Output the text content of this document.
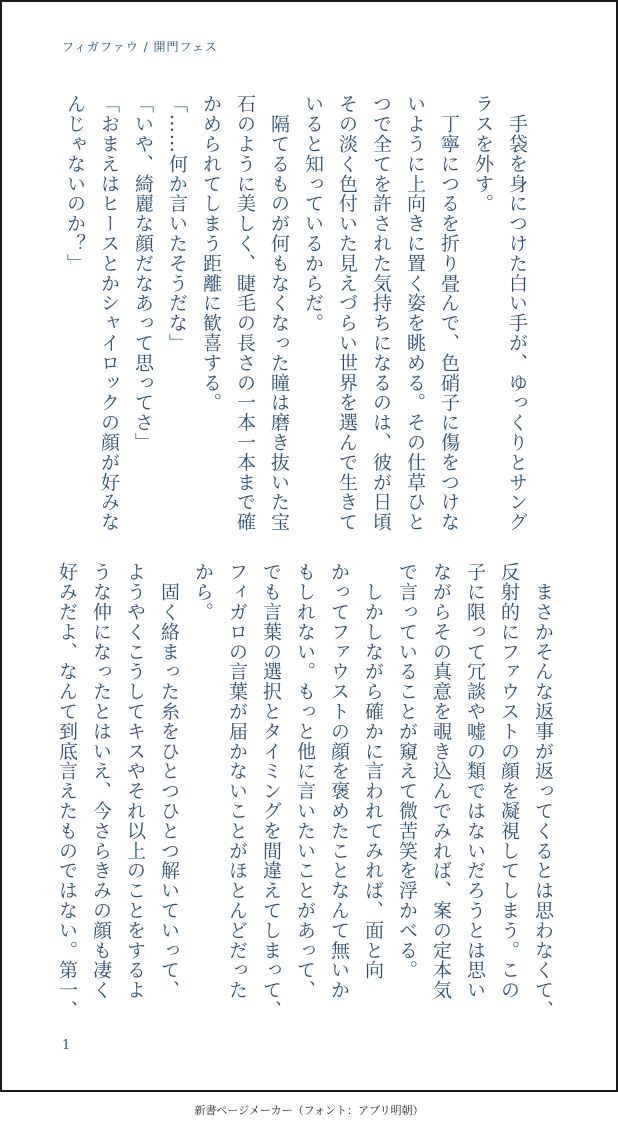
フィガファウ / 開門フェス

　手袋を身につけた白い手が、ゆっくりとサング

ラスを外す。

　丁寧につるを折り畳んで、色硝子に傷をつけな

いように上向きに置く姿を眺める。その仕草ひと

つで全てを許された気持ちになるのは、彼が日頃

その淡く色付いた見えづらい世界を選んで生きて

いると知っているからだ。

　隔てるものが何もなくなった瞳は磨き抜いた宝

石のように美しく、睫毛の長さの一本一本まで確

かめられてしまう距離に歓喜する。

「……何か言いたそうだな」

「いや、綺麗な顔だなあって思ってさ」

「おまえはヒースとかシャイロックの顔が好みな

んじゃないのか？」

　まさかそんな返事が返ってくるとは思わなくて、

反射的にファウストの顔を凝視してしまう。この

子に限って冗談や嘘の類ではないだろうとは思い

ながらその真意を覗き込んでみれば、案の定本気

で言っていることが窺えて微苦笑を浮かべる。

　しかしながら確かに言われてみれば、面と向

かってファウストの顔を褒めたことなんて無いか

もしれない。もっと他に言いたいことがあって、

でも言葉の選択とタイミングを間違えてしまって、

フィガロの言葉が届かないことがほとんどだった

から。

　固く絡まった糸をひとつひとつ解いていって、

ようやくこうしてキスやそれ以上のことをするよ

うな仲になったとはいえ、今さらきみの顔も凄く

好みだよ、なんて到底言えたものではない。第一、

1
新書ページメーカー（フォント：アプリ明朝）
